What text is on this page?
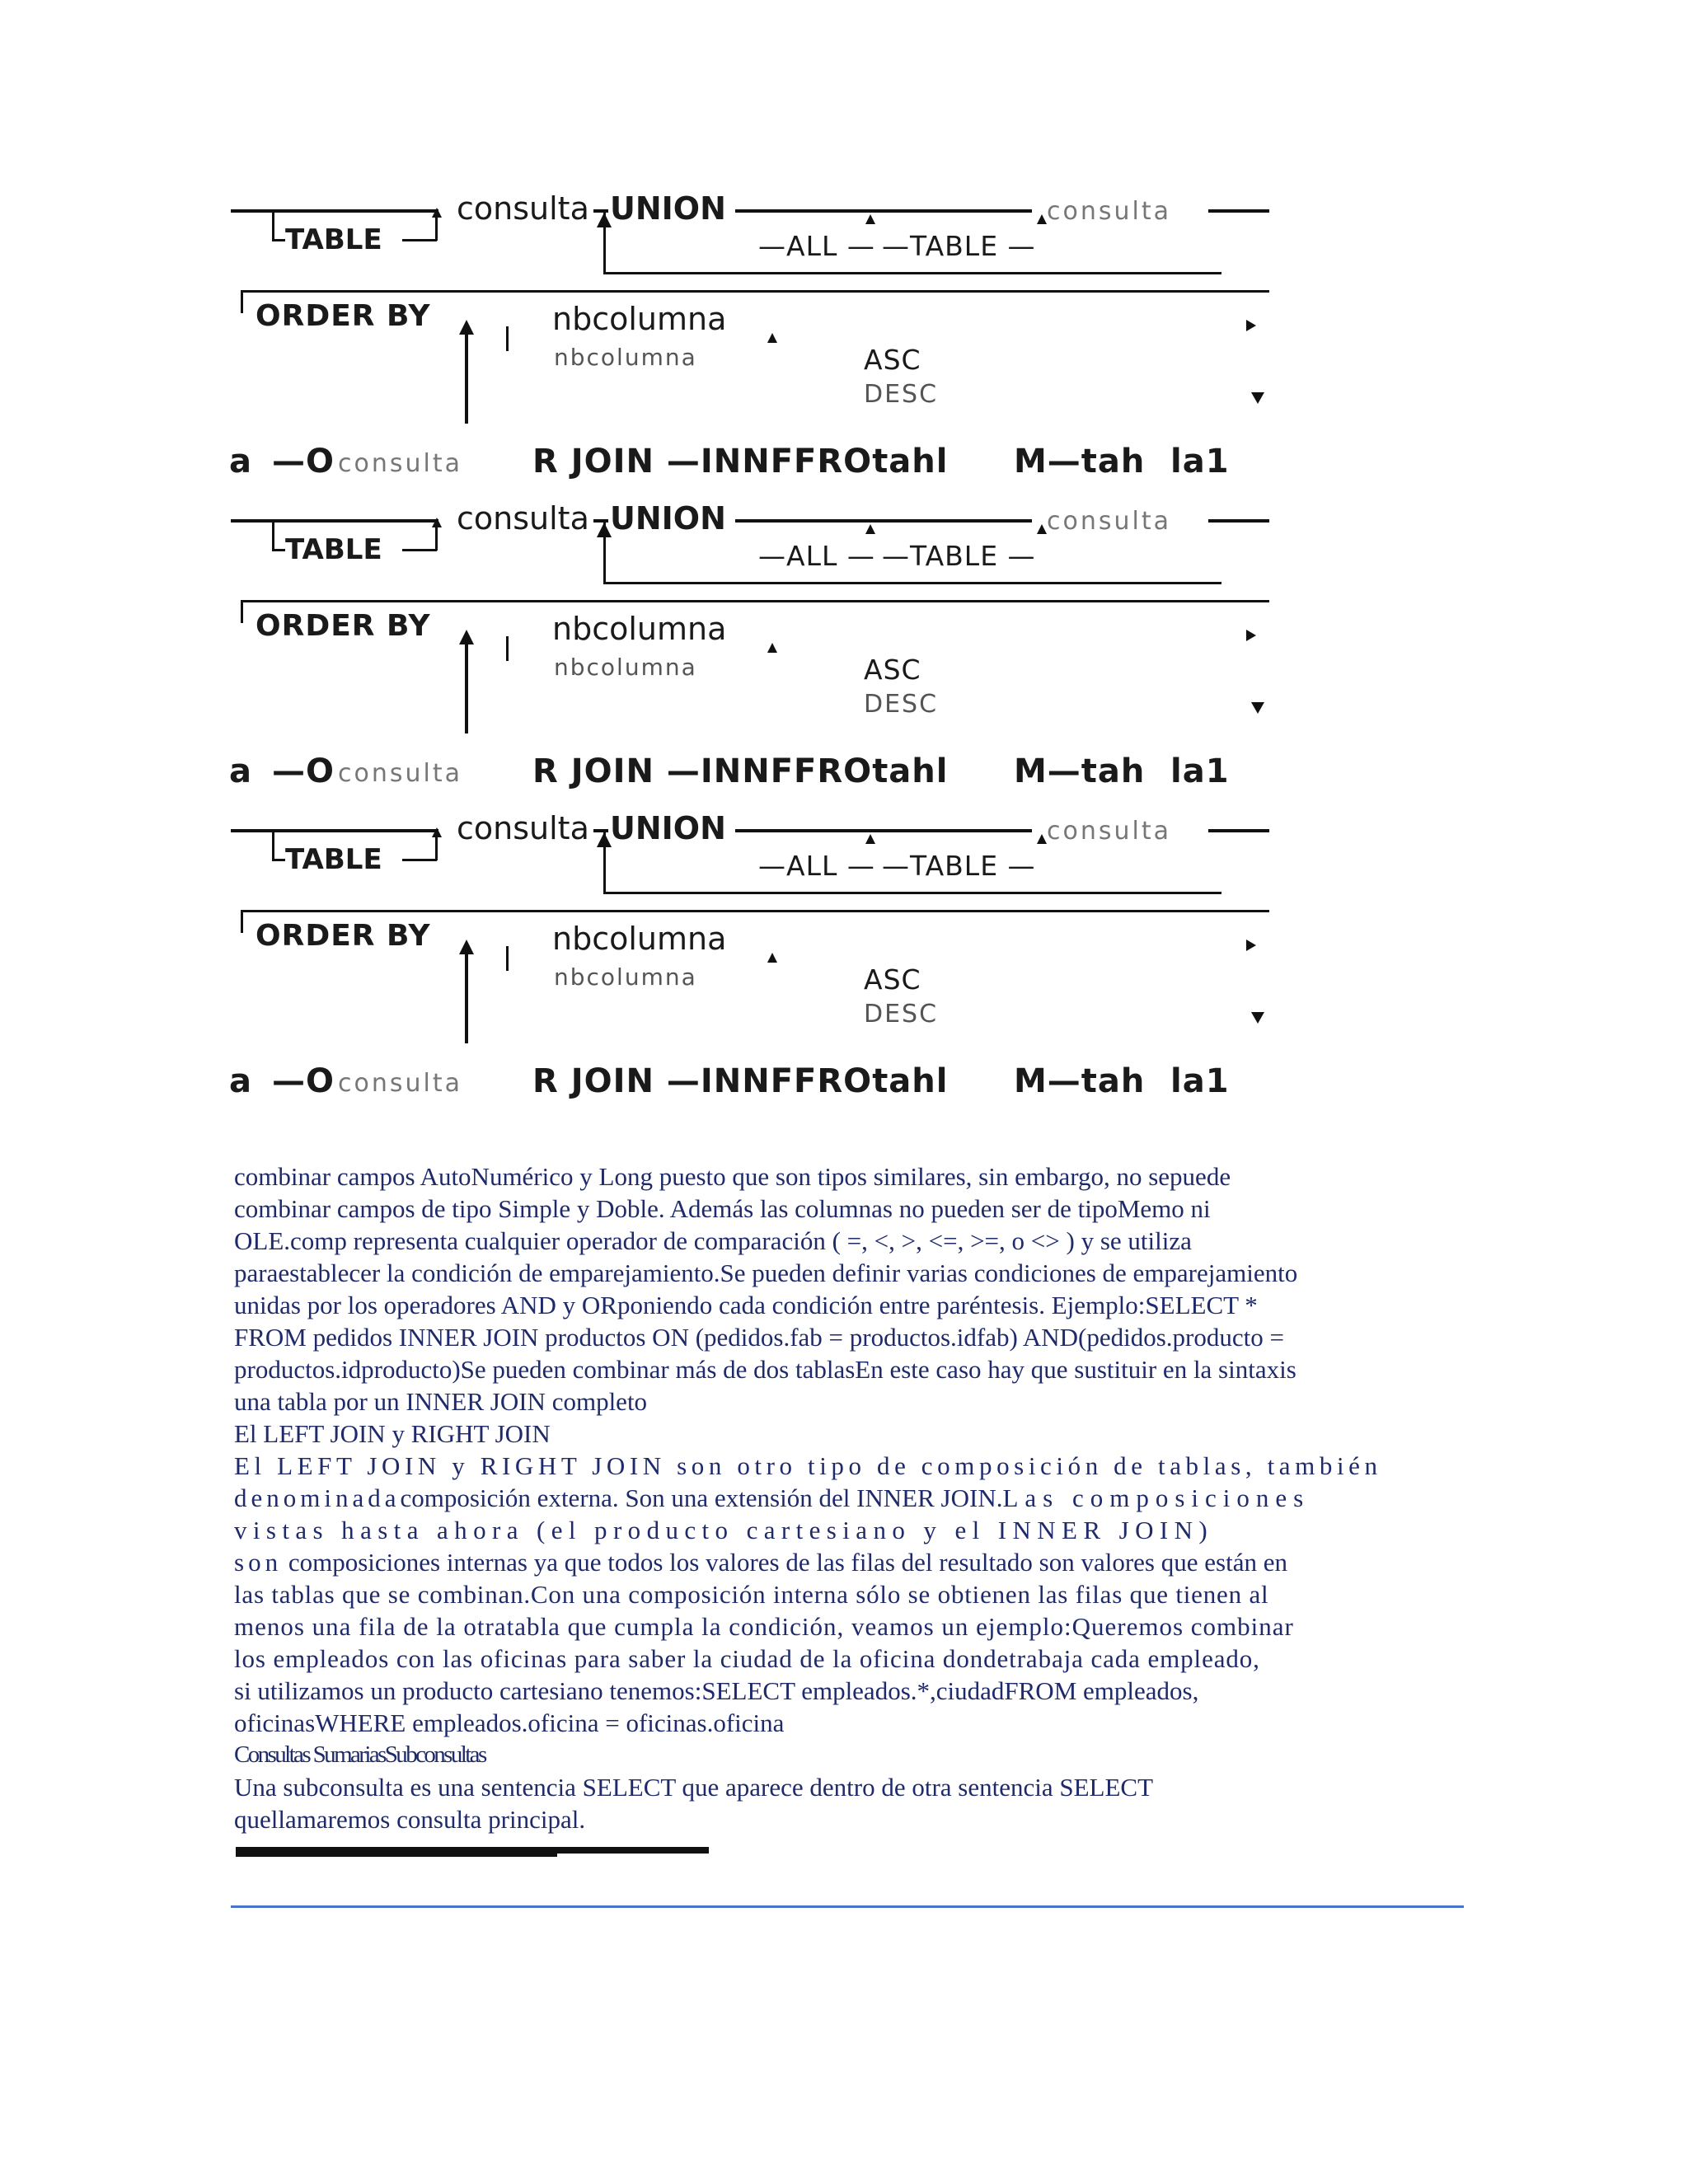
TABLE
consulta UNION
—ALL — —TABLE —
consulta
ORDER BY	nbcolumna
nbcolumna	ASC
DESC
a —O consulta R JOIN —INNFFROtahl M—tah la1
TABLE
consulta UNION
—ALL — —TABLE —
consulta
ORDER BY	nbcolumna
nbcolumna	ASC
DESC
a —O consulta R JOIN —INNFFROtahl M—tah la1
TABLE
consulta UNION
—ALL — —TABLE —
consulta
ORDER BY	nbcolumna
nbcolumna	ASC
DESC
a —O consulta R JOIN —INNFFROtahl M—tah la1

combinar campos AutoNumérico y Long puesto que son tipos similares, sin embargo, no sepuede

combinar campos de tipo Simple y Doble. Además las columnas no pueden ser de tipoMemo ni

OLE.comp representa cualquier operador de comparación ( =, <, >, <=, >=, o <> ) y se utiliza

paraestablecer la condición de emparejamiento.Se pueden definir varias condiciones de emparejamiento

unidas por los operadores AND y ORponiendo cada condición entre paréntesis. Ejemplo:SELECT *

FROM pedidos INNER JOIN productos ON (pedidos.fab = productos.idfab) AND(pedidos.producto =

productos.idproducto)Se pueden combinar más de dos tablasEn este caso hay que sustituir en la sintaxis

una tabla por un INNER JOIN completo

El LEFT JOIN y RIGHT JOIN

El LEFT JOIN y RIGHT JOIN son otro tipo de composición de tablas, también

denominadacomposición externa. Son una extensión del INNER JOIN.Las composiciones

vistas hasta ahora (el producto cartesiano y el INNER JOIN)

son composiciones internas ya que todos los valores de las filas del resultado son valores que están en

las tablas que se combinan.Con una composición interna sólo se obtienen las filas que tienen al

menos una fila de la otratabla que cumpla la condición, veamos un ejemplo:Queremos combinar

los empleados con las oficinas para saber la ciudad de la oficina dondetrabaja cada empleado,

si utilizamos un producto cartesiano tenemos:SELECT empleados.*,ciudadFROM empleados,

oficinasWHERE empleados.oficina = oficinas.oficina

Consultas SumariasSubconsultas

Una subconsulta es una sentencia SELECT que aparece dentro de otra sentencia SELECT

quellamaremos consulta principal.
